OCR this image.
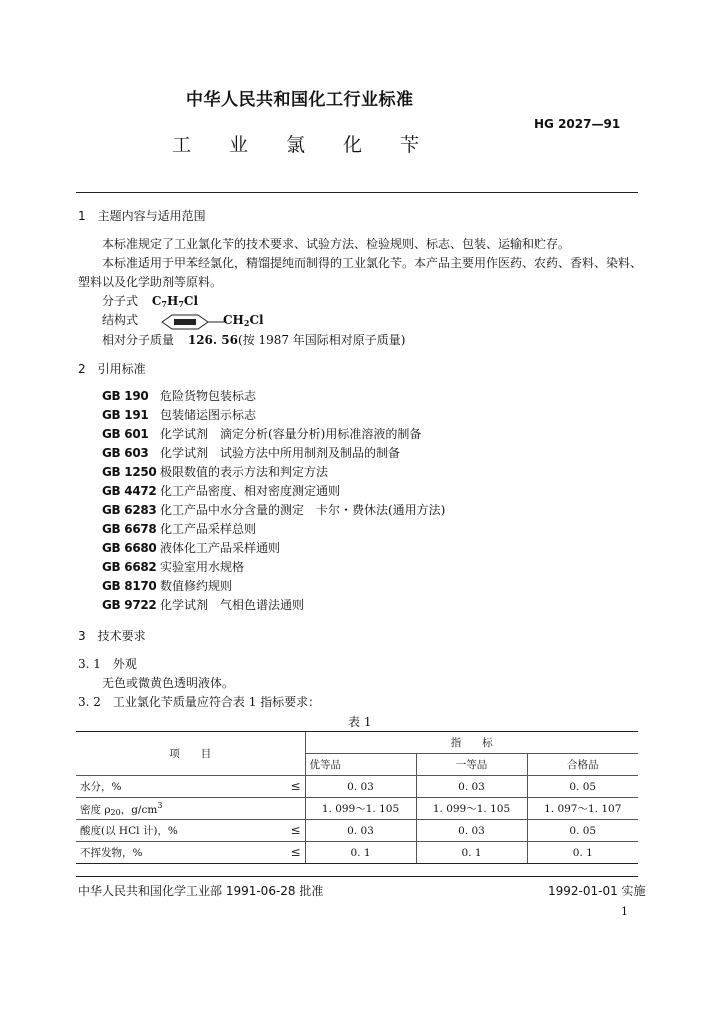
中华人民共和国化工行业标准
HG 2027—91
工 业 氯 化 苄
1　主题内容与适用范围
本标准规定了工业氯化苄的技术要求、试验方法、检验规则、标志、包装、运输和贮存。
本标准适用于甲苯经氯化，精馏提纯而制得的工业氯化苄。本产品主要用作医药、农药、香料、染料、
塑料以及化学助剂等原料。
分子式 $C_7H_7Cl$
结构式	$CH_2Cl$
相对分子质量 126. 56(按 1987 年国际相对原子质量)
2　引用标准
GB 190 危险货物包装标志
GB 191 包装储运图示标志
GB 601 化学试剂　滴定分析(容量分析)用标准溶液的制备
GB 603 化学试剂　试验方法中所用制剂及制品的制备
GB 1250 极限数值的表示方法和判定方法
GB 4472 化工产品密度、相对密度测定通则
GB 6283 化工产品中水分含量的测定　卡尔・费休法(通用方法)
GB 6678 化工产品采样总则
GB 6680 液体化工产品采样通则
GB 6682 实验室用水规格
GB 8170 数值修约规则
GB 9722 化学试剂　气相色谱法通则
3　技术要求
3. 1　外观
无色或微黄色透明液体。
3. 2　工业氯化苄质量应符合表 1 指标要求：
表 1
项　　目	指　　标		
	优等品	一等品	合格品
水分，% ≤	0. 03	0. 03	0. 05
密度 $\rho_{20}$，$g/cm^3$	1. 099～1. 105	1. 099～1. 105	1. 097～1. 107
酸度(以 HCl 计)，% ≤	0. 03	0. 03	0. 05
不挥发物，% ≤	0. 1	0. 1	0. 1
中华人民共和国化学工业部 1991-06-28 批准	1992-01-01 实施
1
